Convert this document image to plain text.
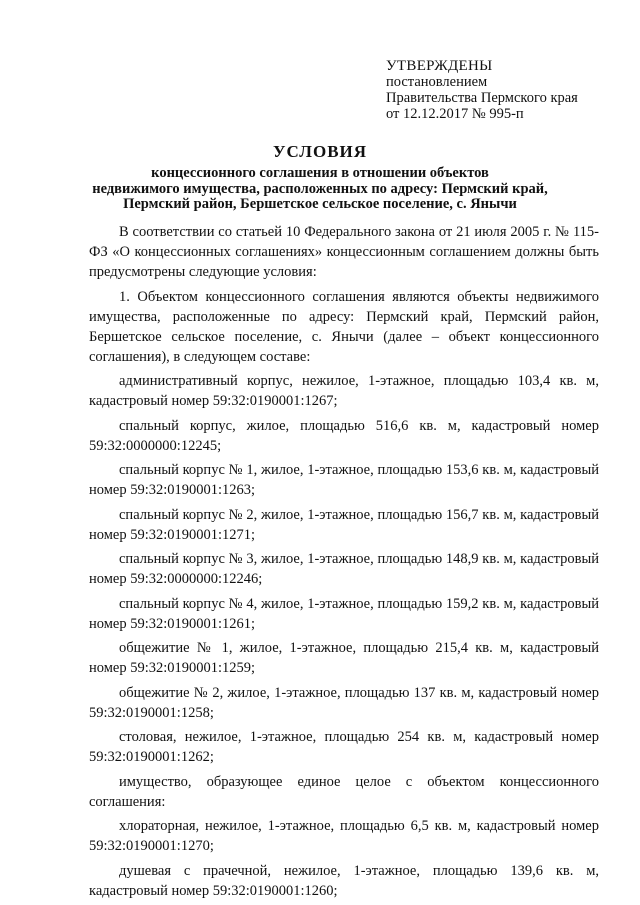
УТВЕРЖДЕНЫ
постановлением
Правительства Пермского края
от 12.12.2017 № 995-п
УСЛОВИЯ
концессионного соглашения в отношении объектов
недвижимого имущества, расположенных по адресу: Пермский край,
Пермский район, Бершетское сельское поселение, с. Янычи

В соответствии со статьей 10 Федерального закона от 21 июля 2005 г. № 115-ФЗ «О концессионных соглашениях» концессионным соглашением должны быть предусмотрены следующие условия:

1. Объектом концессионного соглашения являются объекты недвижимого имущества, расположенные по адресу: Пермский край, Пермский район, Бершетское сельское поселение, с. Янычи (далее – объект концессионного соглашения), в следующем составе:

административный корпус, нежилое, 1-этажное, площадью 103,4 кв. м, кадастровый номер 59:32:0190001:1267;

спальный корпус, жилое, площадью 516,6 кв. м, кадастровый номер 59:32:0000000:12245;

спальный корпус № 1, жилое, 1-этажное, площадью 153,6 кв. м, кадастровый номер 59:32:0190001:1263;

спальный корпус № 2, жилое, 1-этажное, площадью 156,7 кв. м, кадастровый номер 59:32:0190001:1271;

спальный корпус № 3, жилое, 1-этажное, площадью 148,9 кв. м, кадастровый номер 59:32:0000000:12246;

спальный корпус № 4, жилое, 1-этажное, площадью 159,2 кв. м, кадастровый номер 59:32:0190001:1261;

общежитие № 1, жилое, 1-этажное, площадью 215,4 кв. м, кадастровый номер 59:32:0190001:1259;

общежитие № 2, жилое, 1-этажное, площадью 137 кв. м, кадастровый номер 59:32:0190001:1258;

столовая, нежилое, 1-этажное, площадью 254 кв. м, кадастровый номер 59:32:0190001:1262;

имущество, образующее единое целое с объектом концессионного соглашения:

хлораторная, нежилое, 1-этажное, площадью 6,5 кв. м, кадастровый номер 59:32:0190001:1270;

душевая с прачечной, нежилое, 1-этажное, площадью 139,6 кв. м, кадастровый номер 59:32:0190001:1260;
